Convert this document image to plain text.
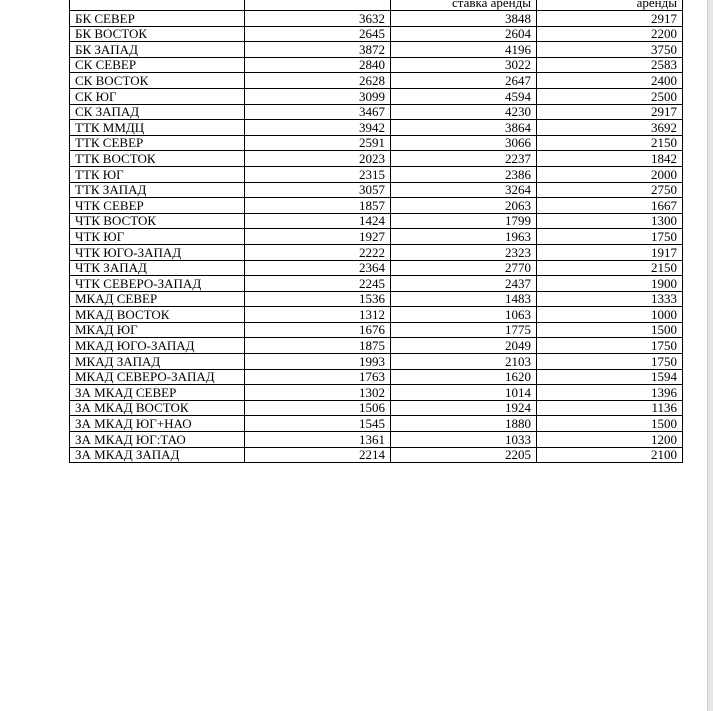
		ставка аренды	аренды
БК СЕВЕР	3632	3848	2917
БК ВОСТОК	2645	2604	2200
БК ЗАПАД	3872	4196	3750
СК СЕВЕР	2840	3022	2583
СК ВОСТОК	2628	2647	2400
СК ЮГ	3099	4594	2500
СК ЗАПАД	3467	4230	2917
ТТК ММДЦ	3942	3864	3692
ТТК СЕВЕР	2591	3066	2150
ТТК ВОСТОК	2023	2237	1842
ТТК ЮГ	2315	2386	2000
ТТК ЗАПАД	3057	3264	2750
ЧТК СЕВЕР	1857	2063	1667
ЧТК ВОСТОК	1424	1799	1300
ЧТК ЮГ	1927	1963	1750
ЧТК ЮГО-ЗАПАД	2222	2323	1917
ЧТК ЗАПАД	2364	2770	2150
ЧТК СЕВЕРО-ЗАПАД	2245	2437	1900
МКАД СЕВЕР	1536	1483	1333
МКАД ВОСТОК	1312	1063	1000
МКАД ЮГ	1676	1775	1500
МКАД ЮГО-ЗАПАД	1875	2049	1750
МКАД ЗАПАД	1993	2103	1750
МКАД СЕВЕРО-ЗАПАД	1763	1620	1594
ЗА МКАД СЕВЕР	1302	1014	1396
ЗА МКАД ВОСТОК	1506	1924	1136
ЗА МКАД ЮГ+НАО	1545	1880	1500
ЗА МКАД ЮГ:ТАО	1361	1033	1200
ЗА МКАД ЗАПАД	2214	2205	2100
